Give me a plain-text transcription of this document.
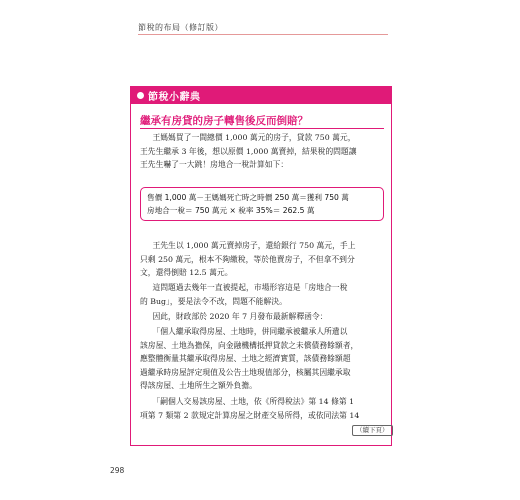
節稅的布局（修訂版）
節稅小辭典
繼承有房貸的房子轉售後反而倒賠？
王媽媽買了一間總價 1,000 萬元的房子，貸款 750 萬元，
王先生繼承 3 年後，想以原價 1,000 萬賣掉，結果稅的問題讓
王先生嚇了一大跳！房地合一稅計算如下：
售價 1,000 萬－王媽媽死亡時之時價 250 萬＝獲利 750 萬
房地合一稅＝ 750 萬元 × 稅率 35%＝ 262.5 萬
王先生以 1,000 萬元賣掉房子，還給銀行 750 萬元，手上
只剩 250 萬元，根本不夠繳稅，等於他賣房子，不但拿不到分
文，還得倒賠 12.5 萬元。
這問題過去幾年一直被提起，市場形容這是「房地合一稅
的 Bug」，要是法令不改，問題不能解決。
因此，財政部於 2020 年 7 月發布最新解釋函令：
「個人繼承取得房屋、土地時，併同繼承被繼承人所遺以
該房屋、土地為擔保，向金融機構抵押貸款之未償債務餘額者，
應整體衡量其繼承取得房屋、土地之經濟實質，該債務餘額超
過繼承時房屋評定現值及公告土地現值部分，核屬其因繼承取
得該房屋、土地所生之額外負擔。
「嗣個人交易該房屋、土地，依《所得稅法》第 14 條第 1
項第 7 類第 2 款規定計算房屋之財產交易所得，或依同法第 14
（續下頁）
298
